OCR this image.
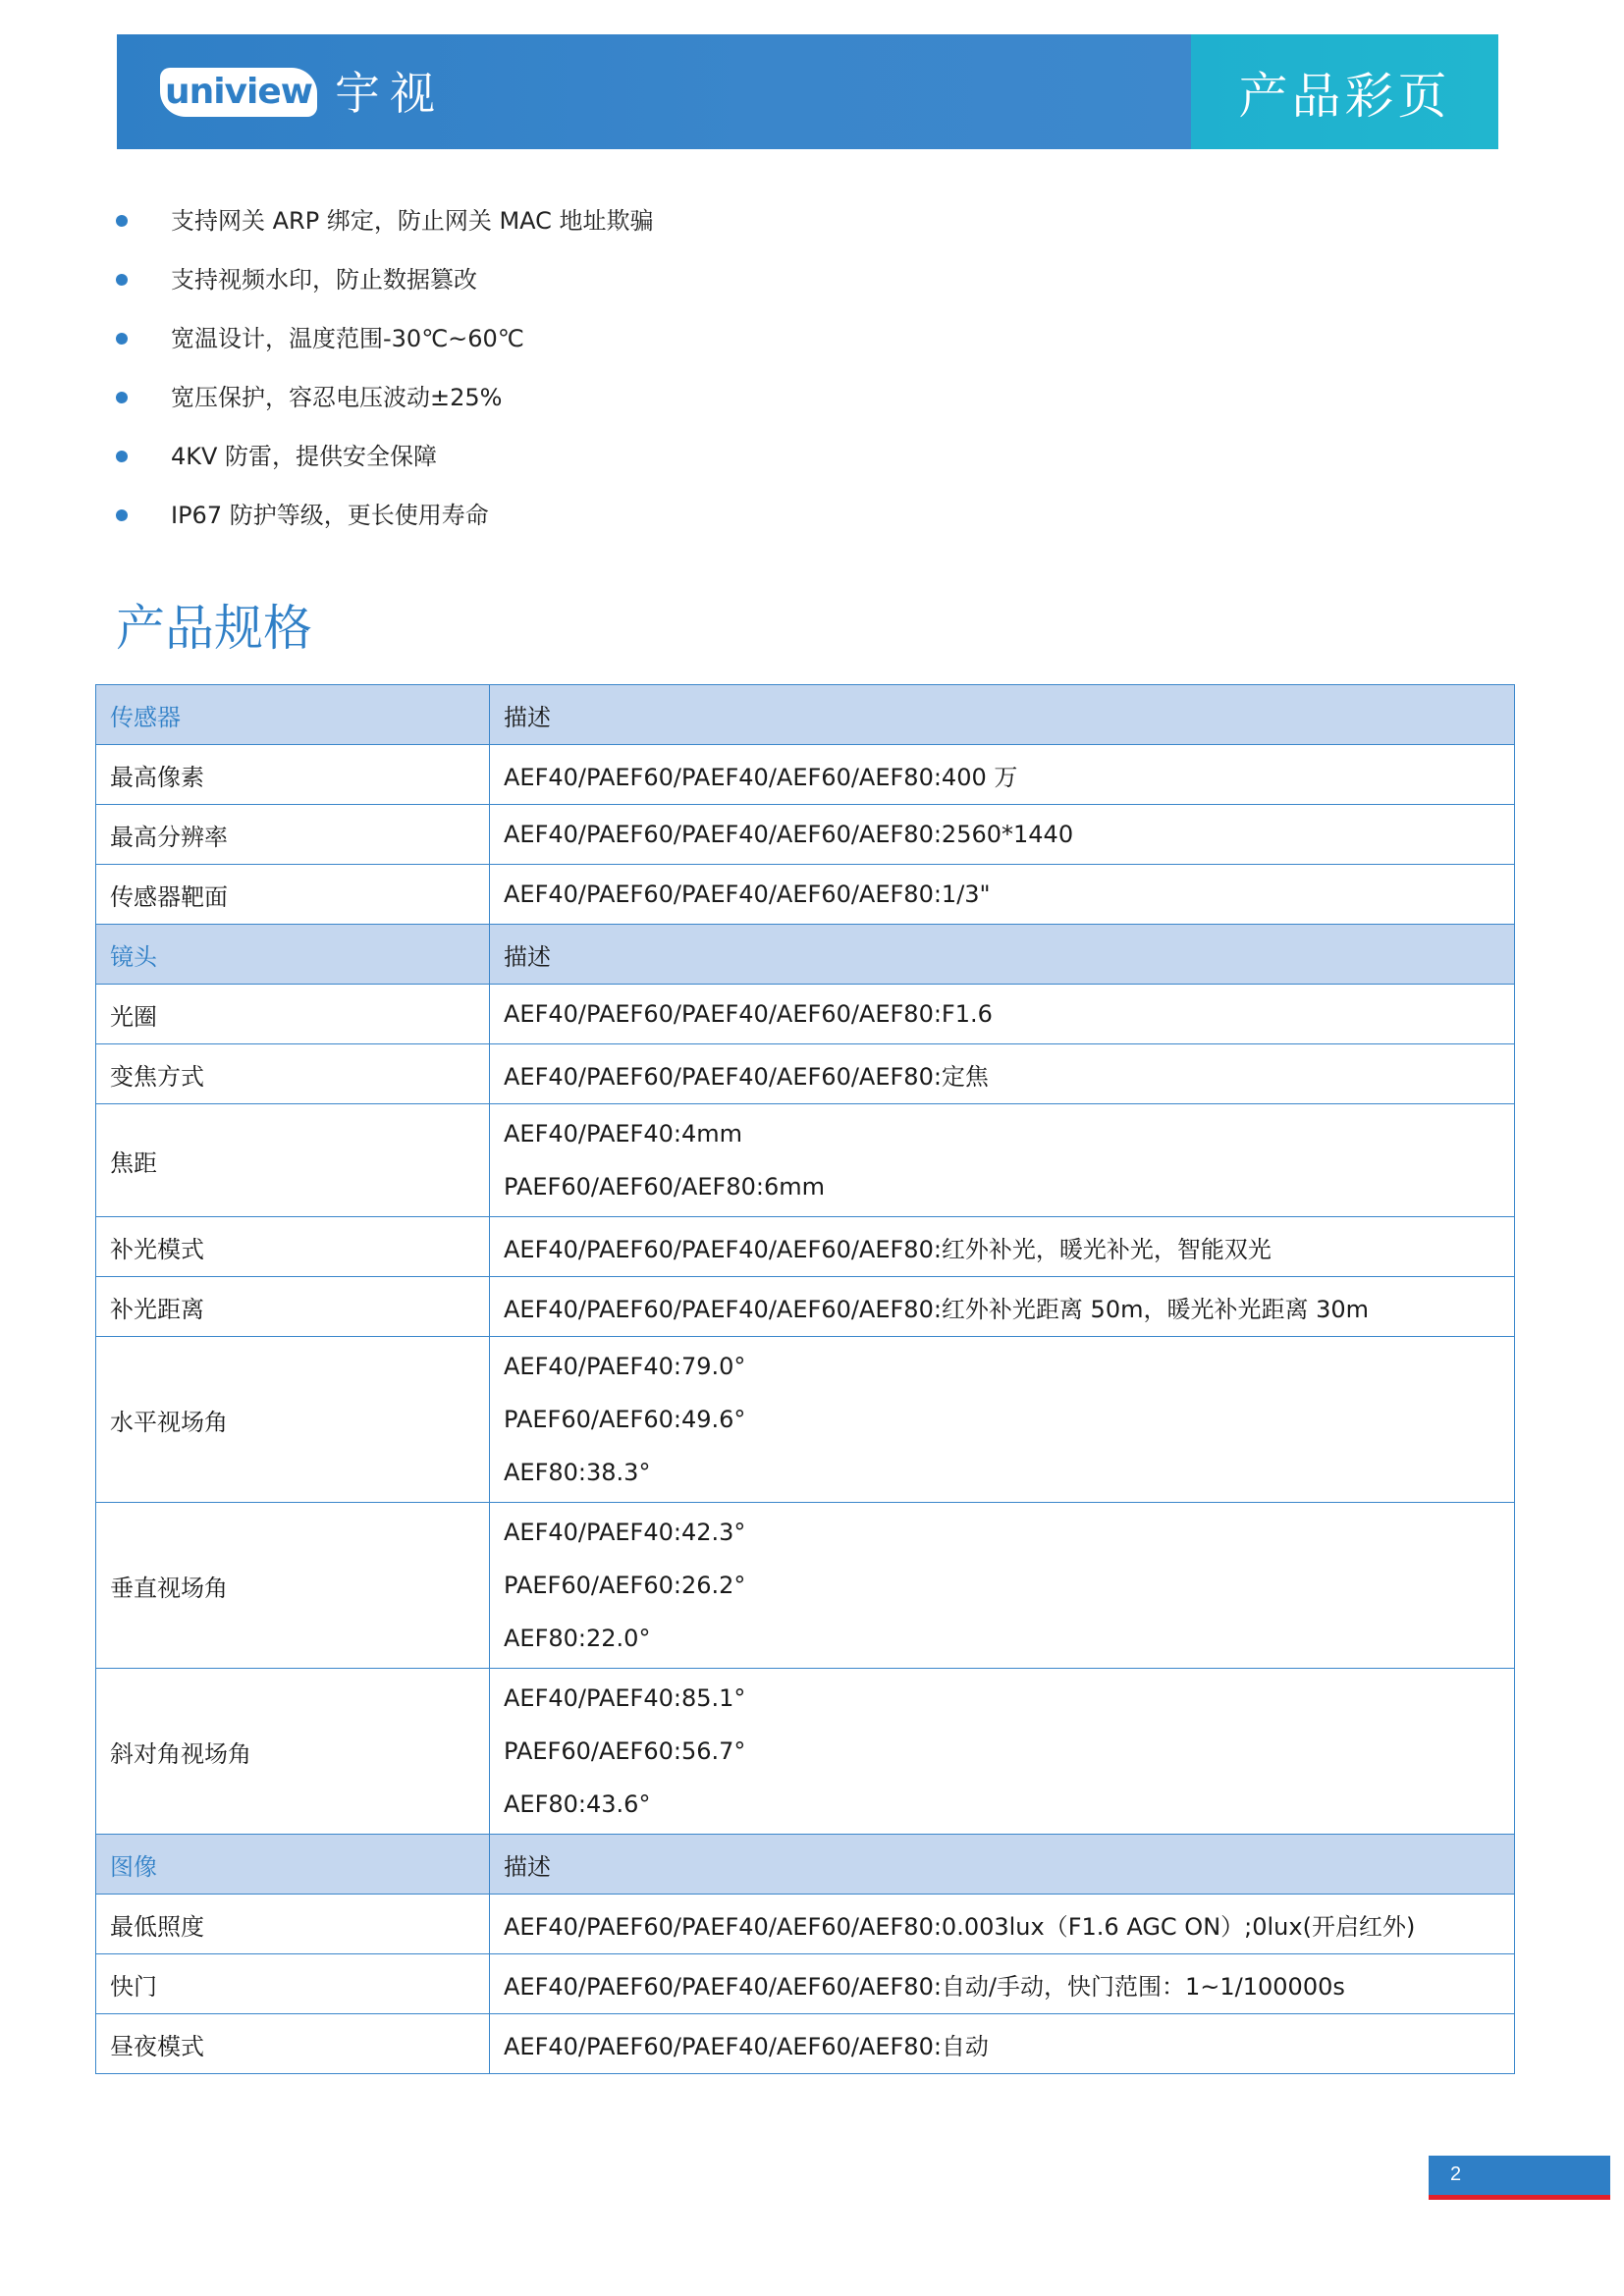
uniview 宇视	产品彩页
支持网关 ARP 绑定，防止网关 MAC 地址欺骗
支持视频水印，防止数据篡改
宽温设计，温度范围-30℃~60℃
宽压保护，容忍电压波动±25%
4KV 防雷，提供安全保障
IP67 防护等级，更长使用寿命
产品规格
传感器	描述
最高像素	AEF40/PAEF60/PAEF40/AEF60/AEF80:400 万
最高分辨率	AEF40/PAEF60/PAEF40/AEF60/AEF80:2560*1440
传感器靶面	AEF40/PAEF60/PAEF40/AEF60/AEF80:1/3"
镜头	描述
光圈	AEF40/PAEF60/PAEF40/AEF60/AEF80:F1.6
变焦方式	AEF40/PAEF60/PAEF40/AEF60/AEF80:定焦
焦距	AEF40/PAEF40:4mm
PAEF60/AEF60/AEF80:6mm

补光模式	AEF40/PAEF60/PAEF40/AEF60/AEF80:红外补光，暖光补光，智能双光
补光距离	AEF40/PAEF60/PAEF40/AEF60/AEF80:红外补光距离 50m，暖光补光距离 30m
水平视场角	AEF40/PAEF40:79.0°
PAEF60/AEF60:49.6°
AEF80:38.3°

垂直视场角	AEF40/PAEF40:42.3°
PAEF60/AEF60:26.2°
AEF80:22.0°

斜对角视场角	AEF40/PAEF40:85.1°
PAEF60/AEF60:56.7°
AEF80:43.6°

图像	描述
最低照度	AEF40/PAEF60/PAEF40/AEF60/AEF80:0.003lux（F1.6 AGC ON）;0lux(开启红外)
快门	AEF40/PAEF60/PAEF40/AEF60/AEF80:自动/手动，快门范围：1~1/100000s
昼夜模式	AEF40/PAEF60/PAEF40/AEF60/AEF80:自动
2
